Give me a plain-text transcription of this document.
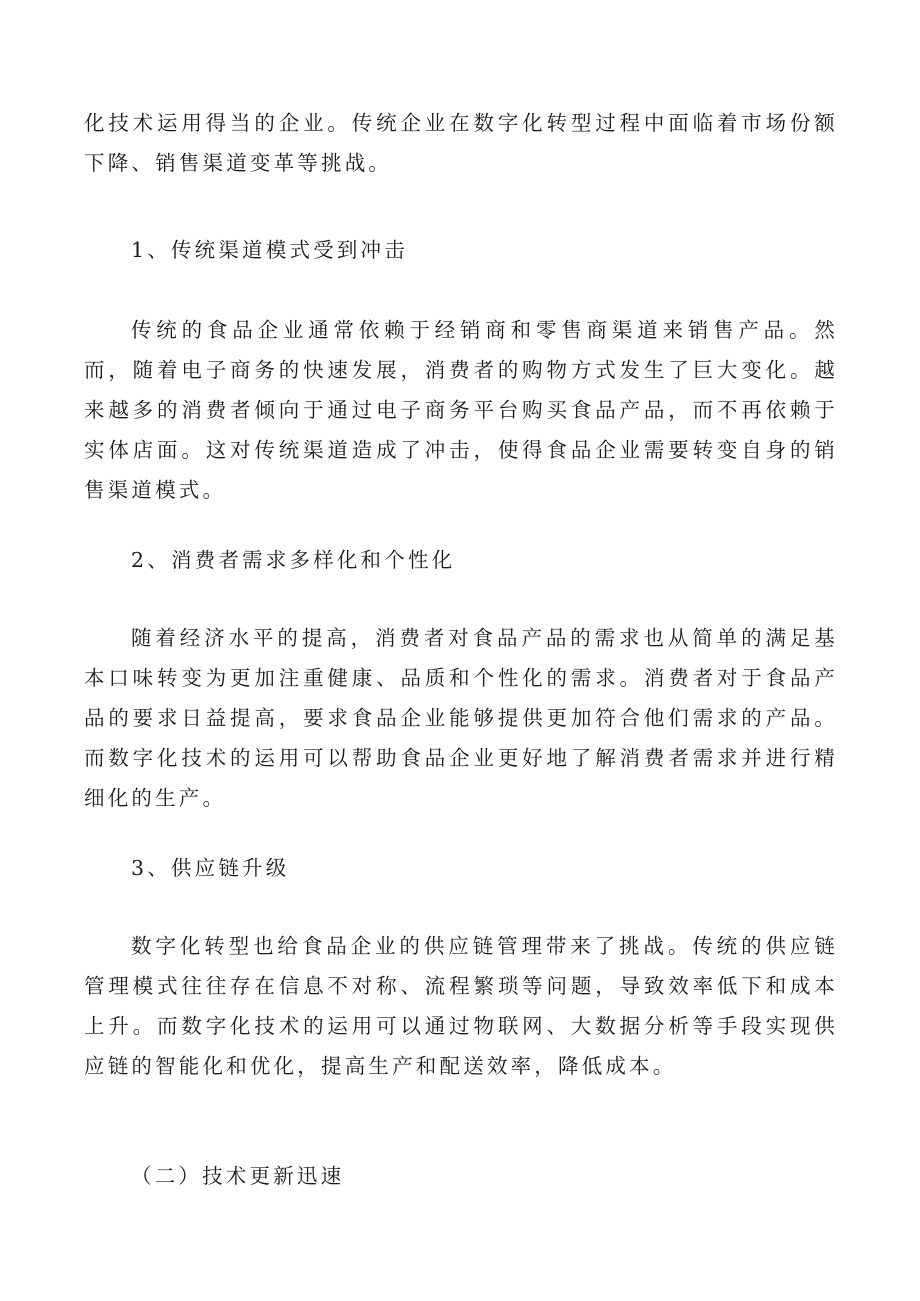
化技术运用得当的企业。传统企业在数字化转型过程中面临着市场份额下降、销售渠道变革等挑战。

1、传统渠道模式受到冲击

传统的食品企业通常依赖于经销商和零售商渠道来销售产品。然而，随着电子商务的快速发展，消费者的购物方式发生了巨大变化。越来越多的消费者倾向于通过电子商务平台购买食品产品，而不再依赖于实体店面。这对传统渠道造成了冲击，使得食品企业需要转变自身的销售渠道模式。

2、消费者需求多样化和个性化

随着经济水平的提高，消费者对食品产品的需求也从简单的满足基本口味转变为更加注重健康、品质和个性化的需求。消费者对于食品产品的要求日益提高，要求食品企业能够提供更加符合他们需求的产品。而数字化技术的运用可以帮助食品企业更好地了解消费者需求并进行精细化的生产。

3、供应链升级

数字化转型也给食品企业的供应链管理带来了挑战。传统的供应链管理模式往往存在信息不对称、流程繁琐等问题，导致效率低下和成本上升。而数字化技术的运用可以通过物联网、大数据分析等手段实现供应链的智能化和优化，提高生产和配送效率，降低成本。

（二）技术更新迅速
